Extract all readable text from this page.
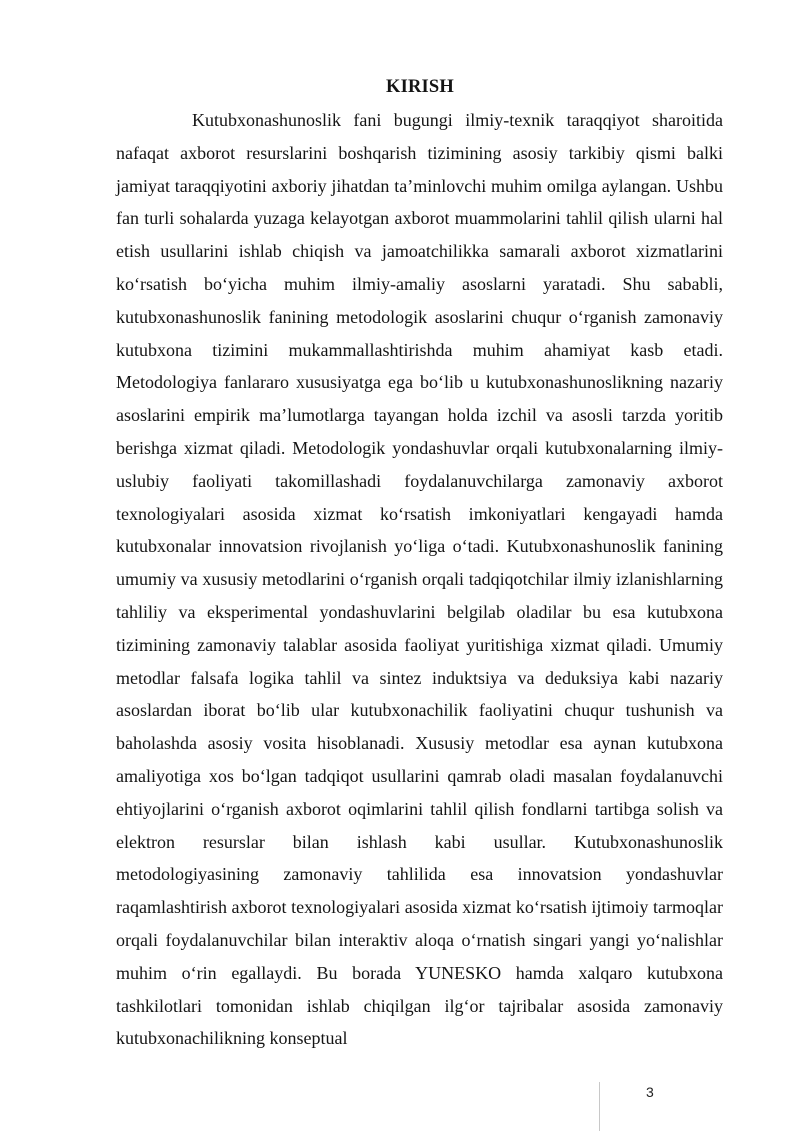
KIRISH

Kutubxonashunoslik fani bugungi ilmiy-texnik taraqqiyot sharoitida nafaqat axborot resurslarini boshqarish tizimining asosiy tarkibiy qismi balki jamiyat taraqqiyotini axboriy jihatdan ta’minlovchi muhim omilga aylangan. Ushbu fan turli sohalarda yuzaga kelayotgan axborot muammolarini tahlil qilish ularni hal etish usullarini ishlab chiqish va jamoatchilikka samarali axborot xizmatlarini ko‘rsatish bo‘yicha muhim ilmiy-amaliy asoslarni yaratadi. Shu sababli, kutubxonashunoslik fanining metodologik asoslarini chuqur o‘rganish zamonaviy kutubxona tizimini mukammallashtirishda muhim ahamiyat kasb etadi. Metodologiya fanlararo xususiyatga ega bo‘lib u kutubxonashunoslikning nazariy asoslarini empirik ma’lumotlarga tayangan holda izchil va asosli tarzda yoritib berishga xizmat qiladi. Metodologik yondashuvlar orqali kutubxonalarning ilmiy-uslubiy faoliyati takomillashadi foydalanuvchilarga zamonaviy axborot texnologiyalari asosida xizmat ko‘rsatish imkoniyatlari kengayadi hamda kutubxonalar innovatsion rivojlanish yo‘liga o‘tadi. Kutubxonashunoslik fanining umumiy va xususiy metodlarini o‘rganish orqali tadqiqotchilar ilmiy izlanishlarning tahliliy va eksperimental yondashuvlarini belgilab oladilar bu esa kutubxona tizimining zamonaviy talablar asosida faoliyat yuritishiga xizmat qiladi. Umumiy metodlar falsafa logika tahlil va sintez induktsiya va deduksiya kabi nazariy asoslardan iborat bo‘lib ular kutubxonachilik faoliyatini chuqur tushunish va baholashda asosiy vosita hisoblanadi. Xususiy metodlar esa aynan kutubxona amaliyotiga xos bo‘lgan tadqiqot usullarini qamrab oladi masalan foydalanuvchi ehtiyojlarini o‘rganish axborot oqimlarini tahlil qilish fondlarni tartibga solish va elektron resurslar bilan ishlash kabi usullar. Kutubxonashunoslik metodologiyasining zamonaviy tahlilida esa innovatsion yondashuvlar raqamlashtirish axborot texnologiyalari asosida xizmat ko‘rsatish ijtimoiy tarmoqlar orqali foydalanuvchilar bilan interaktiv aloqa o‘rnatish singari yangi yo‘nalishlar muhim o‘rin egallaydi. Bu borada YUNESKO hamda xalqaro kutubxona tashkilotlari tomonidan ishlab chiqilgan ilg‘or tajribalar asosida zamonaviy kutubxonachilikning konseptual

3
